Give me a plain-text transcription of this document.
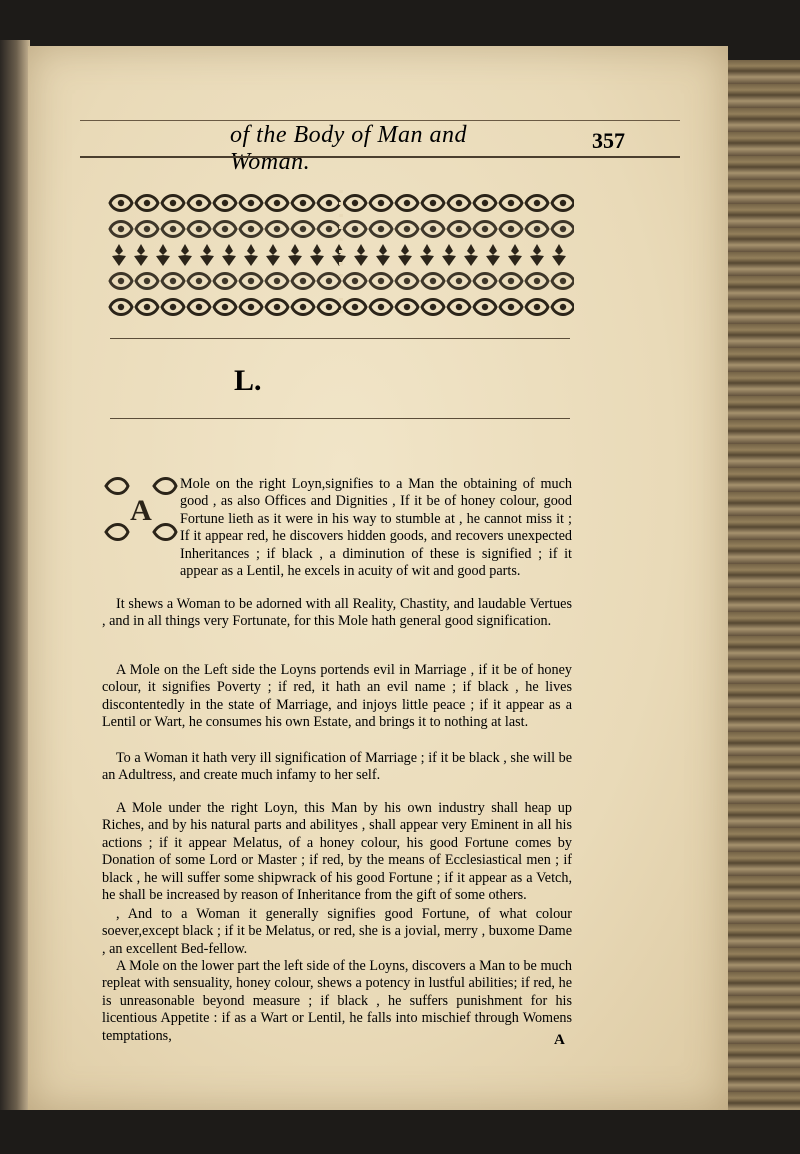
of the Body of Man and Woman.
357
L.
A

Mole on the right Loyn,signifies to a Man the obtaining of much good , as also Offices and Dignities , If it be of honey colour, good Fortune lieth as it were in his way to stumble at , he cannot miss it ; If it appear red, he discovers hidden goods, and recovers unexpected Inheritances ; if black , a diminution of these is signified ; if it appear as a Lentil, he excels in acuity of wit and good parts.

It shews a Woman to be adorned with all Reality, Chastity, and laudable Vertues , and in all things very Fortunate, for this Mole hath general good signification.

A Mole on the Left side the Loyns portends evil in Marriage , if it be of honey colour, it signifies Poverty ; if red, it hath an evil name ; if black , he lives discontentedly in the state of Marriage, and injoys little peace ; if it appear as a Lentil or Wart, he consumes his own Estate, and brings it to nothing at last.

To a Woman it hath very ill signification of Marriage ; if it be black , she will be an Adultress, and create much infamy to her self.

A Mole under the right Loyn, this Man by his own industry shall heap up Riches, and by his natural parts and abilityes , shall appear very Eminent in all his actions ; if it appear Melatus, of a honey colour, his good Fortune comes by Donation of some Lord or Master ; if red, by the means of Ecclesiastical men ; if black , he will suffer some shipwrack of his good Fortune ; if it appear as a Vetch, he shall be increased by reason of Inheritance from the gift of some others.

, And to a Woman it generally signifies good Fortune, of what colour soever,except black ; if it be Melatus, or red, she is a jovial, merry , buxome Dame , an excellent Bed-fellow.

A Mole on the lower part the left side of the Loyns, discovers a Man to be much repleat with sensuality, honey colour, shews a potency in lustful abilities; if red, he is unreasonable beyond measure ; if black , he suffers punishment for his licentious Appetite : if as a Wart or Lentil, he falls into mischief through Womens temptations,	A
